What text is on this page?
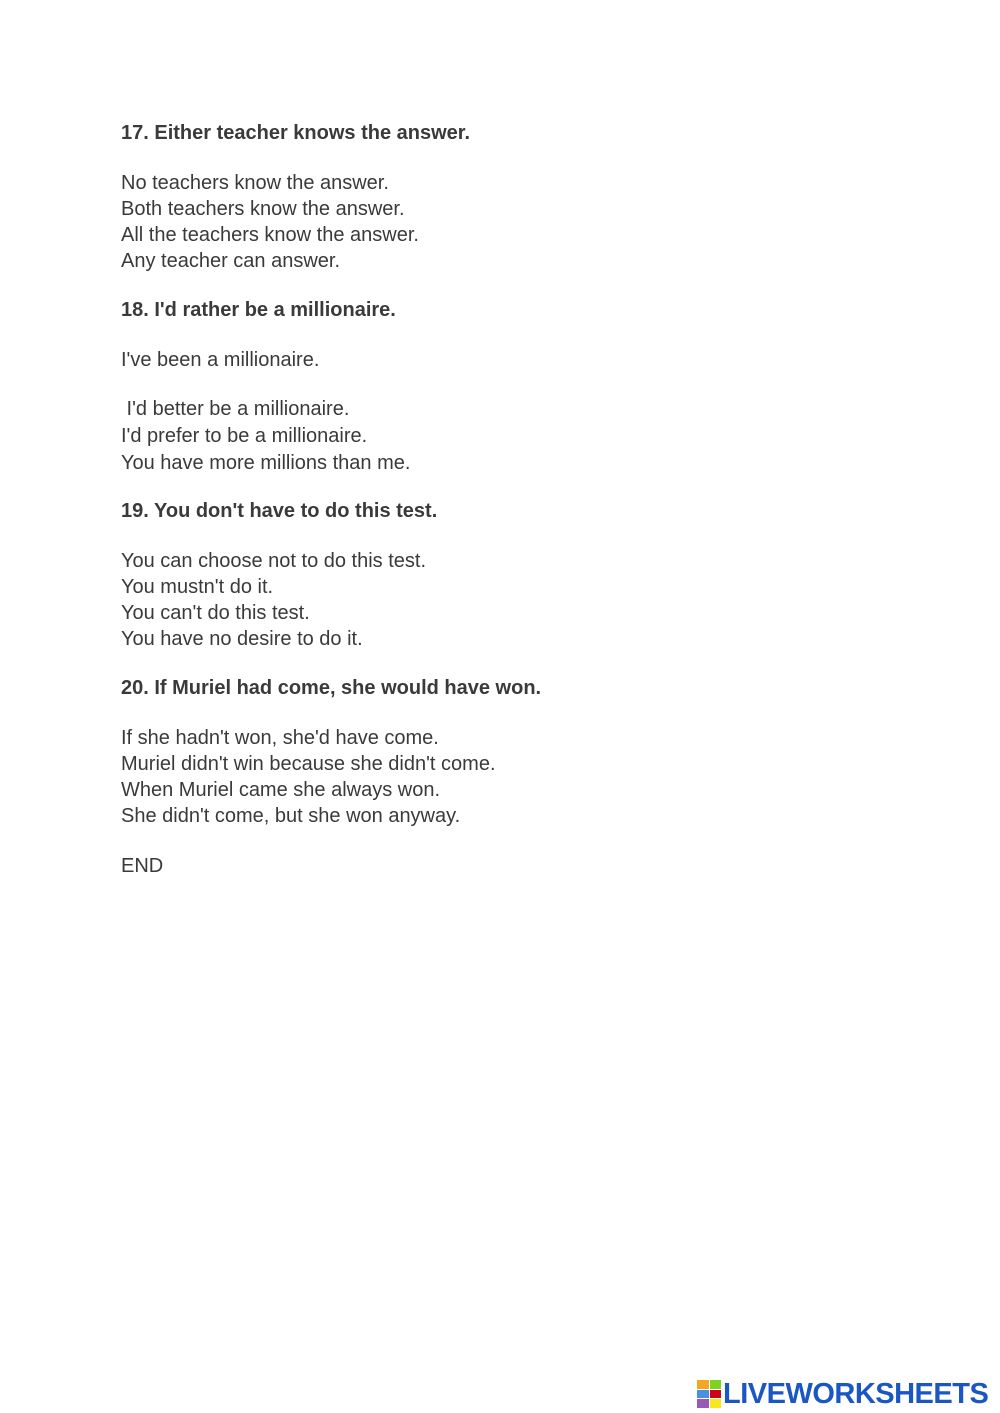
17. Either teacher knows the answer.

No teachers know the answer.

Both teachers know the answer.

All the teachers know the answer.

Any teacher can answer.

18. I'd rather be a millionaire.

I've been a millionaire.

I'd better be a millionaire.

I'd prefer to be a millionaire.

You have more millions than me.

19. You don't have to do this test.

You can choose not to do this test.

You mustn't do it.

You can't do this test.

You have no desire to do it.

20. If Muriel had come, she would have won.

If she hadn't won, she'd have come.

Muriel didn't win because she didn't come.

When Muriel came she always won.

She didn't come, but she won anyway.

END

LIVEWORKSHEETS
